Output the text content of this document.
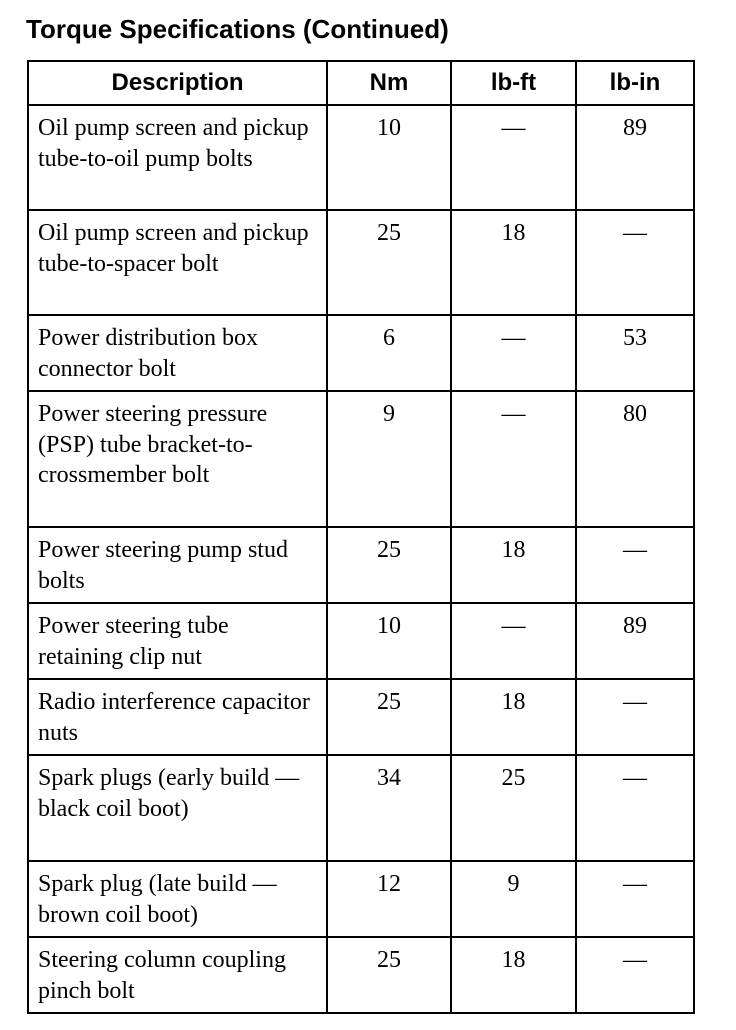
Torque Specifications (Continued)
Description	Nm	lb-ft	lb-in
Oil pump screen and pickup tube-to-oil pump bolts	10	—	89
Oil pump screen and pickup tube-to-spacer bolt	25	18	—
Power distribution box connector bolt	6	—	53
Power steering pressure (PSP) tube bracket-to-crossmember bolt	9	—	80
Power steering pump stud bolts	25	18	—
Power steering tube retaining clip nut	10	—	89
Radio interference capacitor nuts	25	18	—
Spark plugs (early build — black coil boot)	34	25	—
Spark plug (late build — brown coil boot)	12	9	—
Steering column coupling pinch bolt	25	18	—
